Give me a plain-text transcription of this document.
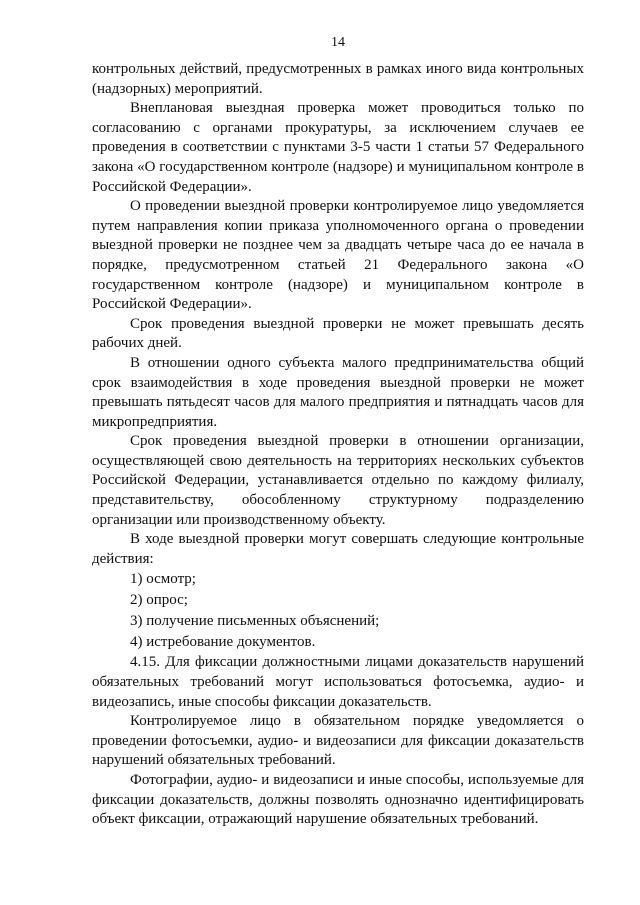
14

контрольных действий, предусмотренных в рамках иного вида контрольных (надзорных) мероприятий.

Внеплановая выездная проверка может проводиться только по согласованию с органами прокуратуры, за исключением случаев ее проведения в соответствии с пунктами 3-5 части 1 статьи 57 Федерального закона «О государственном контроле (надзоре) и муниципальном контроле в Российской Федерации».

О проведении выездной проверки контролируемое лицо уведомляется путем направления копии приказа уполномоченного органа о проведении выездной проверки не позднее чем за двадцать четыре часа до ее начала в порядке, предусмотренном статьей 21 Федерального закона «О государственном контроле (надзоре) и муниципальном контроле в Российской Федерации».

Срок проведения выездной проверки не может превышать десять рабочих дней.

В отношении одного субъекта малого предпринимательства общий срок взаимодействия в ходе проведения выездной проверки не может превышать пятьдесят часов для малого предприятия и пятнадцать часов для микропредприятия.

Срок проведения выездной проверки в отношении организации, осуществляющей свою деятельность на территориях нескольких субъектов Российской Федерации, устанавливается отдельно по каждому филиалу, представительству, обособленному структурному подразделению организации или производственному объекту.

В ходе выездной проверки могут совершать следующие контрольные действия:

1) осмотр;

2) опрос;

3) получение письменных объяснений;

4) истребование документов.

4.15. Для фиксации должностными лицами доказательств нарушений обязательных требований могут использоваться фотосъемка, аудио- и видеозапись, иные способы фиксации доказательств.

Контролируемое лицо в обязательном порядке уведомляется о проведении фотосъемки, аудио- и видеозаписи для фиксации доказательств нарушений обязательных требований.

Фотографии, аудио- и видеозаписи и иные способы, используемые для фиксации доказательств, должны позволять однозначно идентифицировать объект фиксации, отражающий нарушение обязательных требований.
